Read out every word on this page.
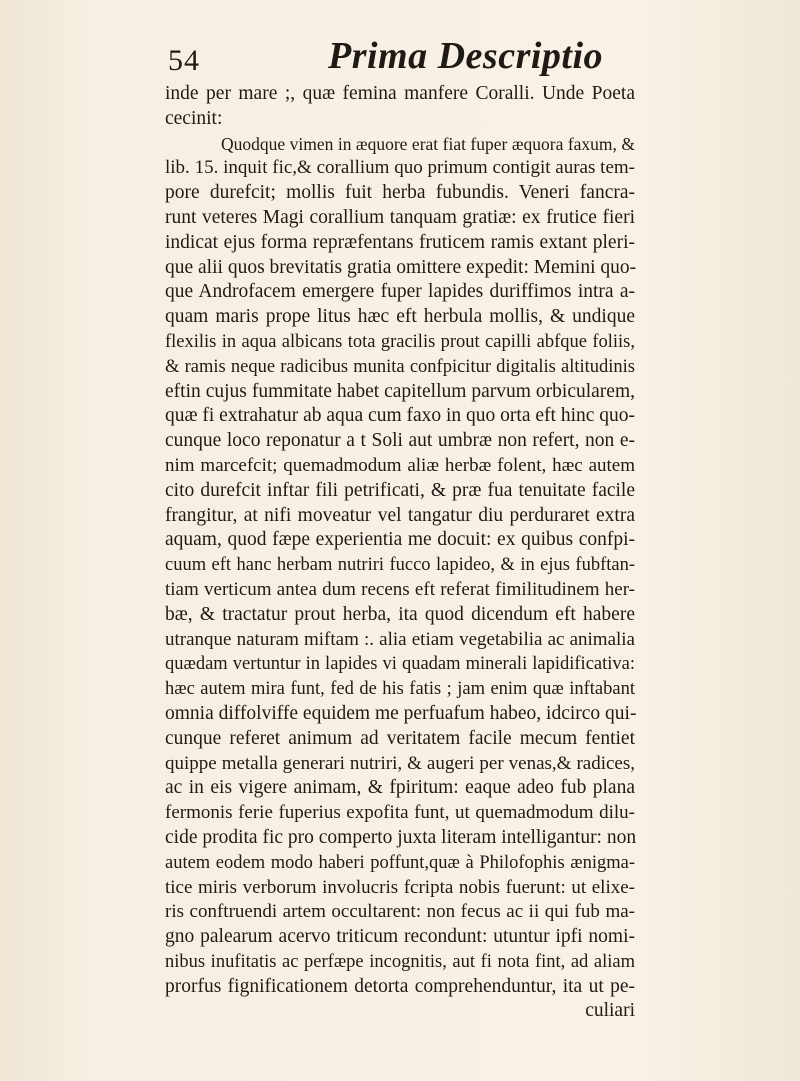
54	Prima Descriptio
inde per mare ;, quæ femina manfere Coralli. Unde Poeta
cecinit:
Quodque vimen in æquore erat fiat fuper æquora faxum, &
lib. 15. inquit fic,& corallium quo primum contigit auras tem-
pore durefcit; mollis fuit herba fubundis. Veneri fancra-
runt veteres Magi corallium tanquam gratiæ: ex frutice fieri
indicat ejus forma repræfentans fruticem ramis extant pleri-
que alii quos brevitatis gratia omittere expedit: Memini quo-
que Androfacem emergere fuper lapides duriffimos intra a-
quam maris prope litus hæc eft herbula mollis, & undique
flexilis in aqua albicans tota gracilis prout capilli abfque foliis,
& ramis neque radicibus munita confpicitur digitalis altitudinis
eftin cujus fummitate habet capitellum parvum orbicularem,
quæ fi extrahatur ab aqua cum faxo in quo orta eft hinc quo-
cunque loco reponatur a t Soli aut umbræ non refert, non e-
nim marcefcit; quemadmodum aliæ herbæ folent, hæc autem
cito durefcit inftar fili petrificati, & præ fua tenuitate facile
frangitur, at nifi moveatur vel tangatur diu perduraret extra
aquam, quod fæpe experientia me docuit: ex quibus confpi-
cuum eft hanc herbam nutriri fucco lapideo, & in ejus fubftan-
tiam verticum antea dum recens eft referat fimilitudinem her-
bæ, & tractatur prout herba, ita quod dicendum eft habere
utranque naturam miftam :. alia etiam vegetabilia ac animalia
quædam vertuntur in lapides vi quadam minerali lapidificativa:
hæc autem mira funt, fed de his fatis ; jam enim quæ inftabant
omnia diffolviffe equidem me perfuafum habeo, idcirco qui-
cunque referet animum ad veritatem facile mecum fentiet
quippe metalla generari nutriri, & augeri per venas,& radices,
ac in eis vigere animam, & fpiritum: eaque adeo fub plana
fermonis ferie fuperius expofita funt, ut quemadmodum dilu-
cide prodita fic pro comperto juxta literam intelligantur: non
autem eodem modo haberi poffunt,quæ à Philofophis ænigma-
tice miris verborum involucris fcripta nobis fuerunt: ut elixe-
ris conftruendi artem occultarent: non fecus ac ii qui fub ma-
gno palearum acervo triticum recondunt: utuntur ipfi nomi-
nibus inufitatis ac perfæpe incognitis, aut fi nota fint, ad aliam
prorfus fignificationem detorta comprehenduntur, ita ut pe-
culiari
